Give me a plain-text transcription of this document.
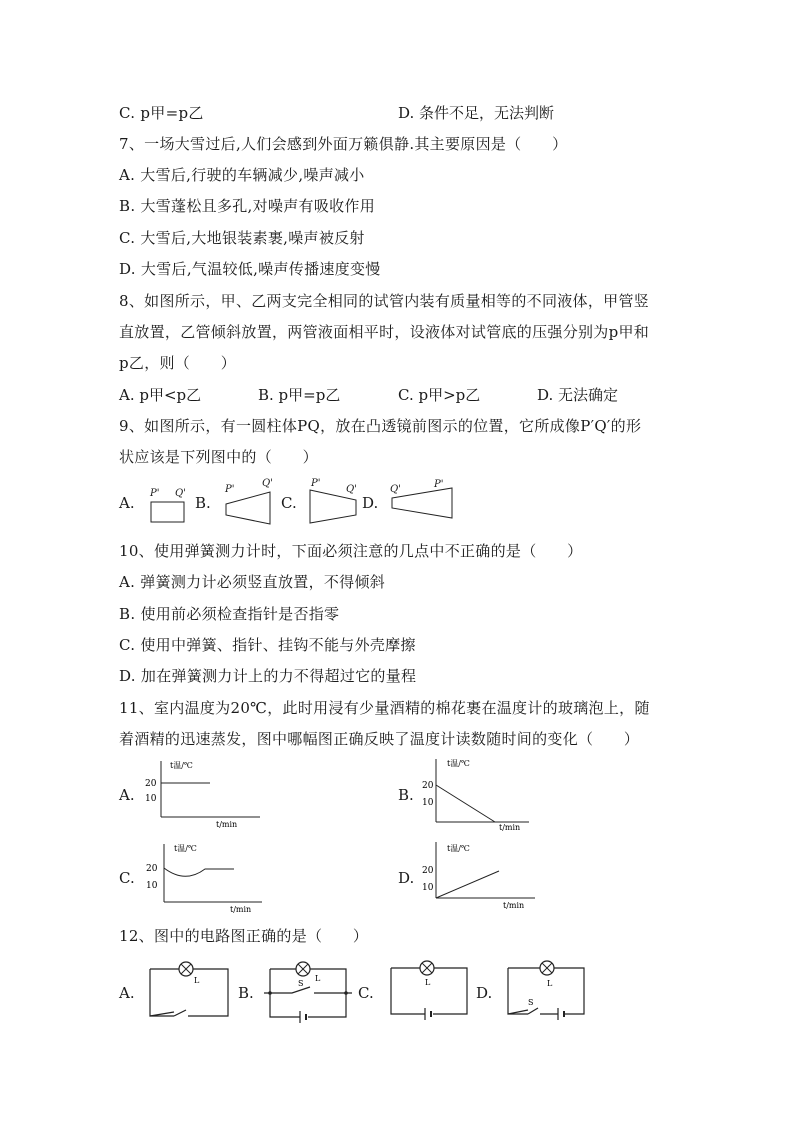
C. p甲=p乙	D. 条件不足，无法判断
7、一场大雪过后,人们会感到外面万籁俱静.其主要原因是（　　）
A. 大雪后,行驶的车辆减少,噪声减小
B. 大雪蓬松且多孔,对噪声有吸收作用
C. 大雪后,大地银装素裹,噪声被反射
D. 大雪后,气温较低,噪声传播速度变慢
8、如图所示，甲、乙两支完全相同的试管内装有质量相等的不同液体，甲管竖
直放置，乙管倾斜放置，两管液面相平时，设液体对试管底的压强分别为p甲和
p乙，则（　　）
A. p甲<p乙	B. p甲=p乙	C. p甲>p乙	D. 无法确定
9、如图所示，有一圆柱体PQ，放在凸透镜前图示的位置，它所成像P′Q′的形
状应该是下列图中的（　　）
A.
P' Q'
B.
P'
Q'
C.
P'
Q'
D.
Q'	P'
10、使用弹簧测力计时，下面必须注意的几点中不正确的是（　　）
A. 弹簧测力计必须竖直放置，不得倾斜
B. 使用前必须检查指针是否指零
C. 使用中弹簧、指针、挂钩不能与外壳摩擦
D. 加在弹簧测力计上的力不得超过它的量程
11、室内温度为20℃，此时用浸有少量酒精的棉花裹在温度计的玻璃泡上，随
着酒精的迅速蒸发，图中哪幅图正确反映了温度计读数随时间的变化（　　）
A.
t温/℃
20
10
t/min
B.
t温/℃
20
10
t/min
C.
t温/℃
20
10
t/min
D.
t温/℃
20
10
t/min
12、图中的电路图正确的是（　　）
A.
L
B.
L
S
C.
L
D.
L
S
